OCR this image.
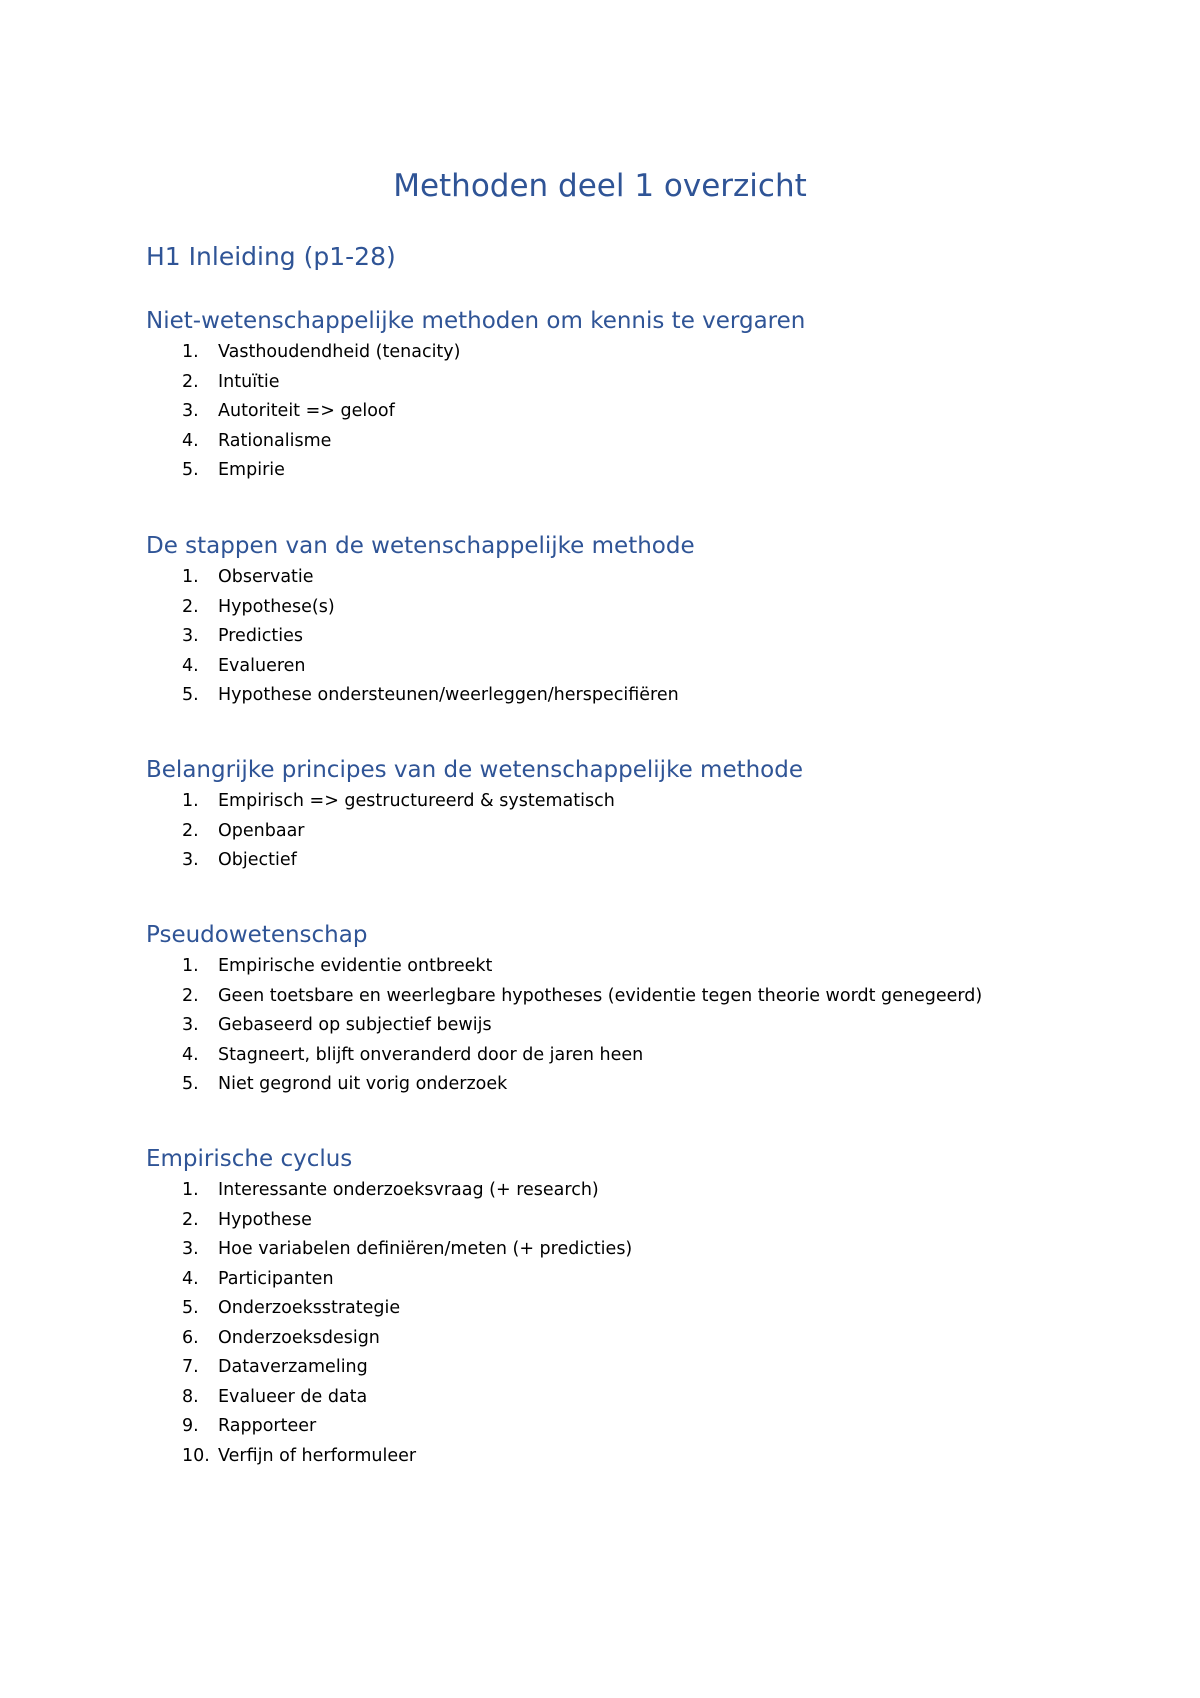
Methoden deel 1 overzicht
H1 Inleiding (p1-28)
Niet-wetenschappelijke methoden om kennis te vergaren
1.	Vasthoudendheid (tenacity)
2.	Intuïtie
3.	Autoriteit => geloof
4.	Rationalisme
5.	Empirie
De stappen van de wetenschappelijke methode
1.	Observatie
2.	Hypothese(s)
3.	Predicties
4.	Evalueren
5.	Hypothese ondersteunen/weerleggen/herspecifiëren
Belangrijke principes van de wetenschappelijke methode
1.	Empirisch => gestructureerd & systematisch
2.	Openbaar
3.	Objectief
Pseudowetenschap
1.	Empirische evidentie ontbreekt
2.	Geen toetsbare en weerlegbare hypotheses (evidentie tegen theorie wordt genegeerd)
3.	Gebaseerd op subjectief bewijs
4.	Stagneert, blijft onveranderd door de jaren heen
5.	Niet gegrond uit vorig onderzoek
Empirische cyclus
1.	Interessante onderzoeksvraag (+ research)
2.	Hypothese
3.	Hoe variabelen definiëren/meten (+ predicties)
4.	Participanten
5.	Onderzoeksstrategie
6.	Onderzoeksdesign
7.	Dataverzameling
8.	Evalueer de data
9.	Rapporteer
10. Verfijn of herformuleer
